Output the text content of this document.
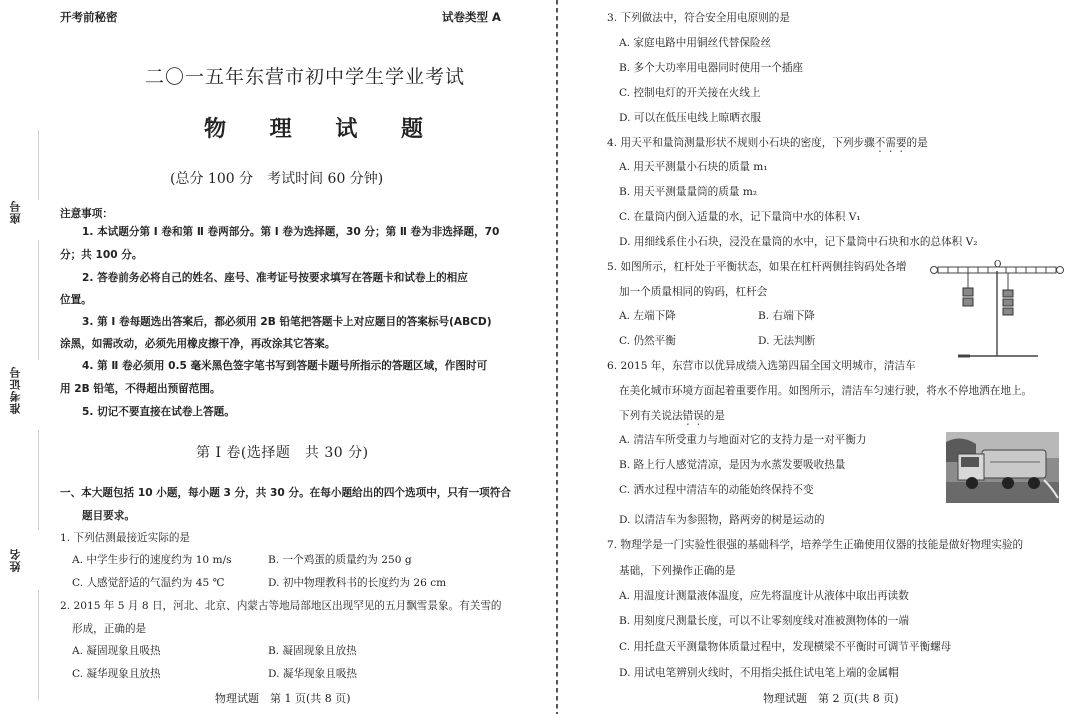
座号
准考证号
姓名
开考前秘密	试卷类型 A
二〇一五年东营市初中学生学业考试
物 理 试 题
(总分 100 分　考试时间 60 分钟)
注意事项：
1. 本试题分第 Ⅰ 卷和第 Ⅱ 卷两部分。第 Ⅰ 卷为选择题，30 分；第 Ⅱ 卷为非选择题，70
分；共 100 分。
2. 答卷前务必将自己的姓名、座号、准考证号按要求填写在答题卡和试卷上的相应
位置。
3. 第 Ⅰ 卷每题选出答案后，都必须用 2B 铅笔把答题卡上对应题目的答案标号(ABCD)
涂黑，如需改动，必须先用橡皮擦干净，再改涂其它答案。
4. 第 Ⅱ 卷必须用 0.5 毫米黑色签字笔书写到答题卡题号所指示的答题区域，作图时可
用 2B 铅笔，不得超出预留范围。
5. 切记不要直接在试卷上答题。
第 Ⅰ 卷(选择题　共 30 分)
一、本大题包括 10 小题，每小题 3 分，共 30 分。在每小题给出的四个选项中，只有一项符合
题目要求。
1. 下列估测最接近实际的是
A. 中学生步行的速度约为 10 m/s	B. 一个鸡蛋的质量约为 250 g
C. 人感觉舒适的气温约为 45 ℃	D. 初中物理教科书的长度约为 26 cm
2. 2015 年 5 月 8 日，河北、北京、内蒙古等地局部地区出现罕见的五月飘雪景象。有关雪的
形成，正确的是
A. 凝固现象且吸热	B. 凝固现象且放热
C. 凝华现象且放热	D. 凝华现象且吸热
物理试题　第 1 页(共 8 页)
3. 下列做法中，符合安全用电原则的是
A. 家庭电路中用铜丝代替保险丝
B. 多个大功率用电器同时使用一个插座
C. 控制电灯的开关接在火线上
D. 可以在低压电线上晾晒衣服
4. 用天平和量筒测量形状不规则小石块的密度，下列步骤不需要的是
A. 用天平测量小石块的质量 m₁
B. 用天平测量量筒的质量 m₂
C. 在量筒内倒入适量的水，记下量筒中水的体积 V₁
D. 用细线系住小石块，浸没在量筒的水中，记下量筒中石块和水的总体积 V₂
5. 如图所示，杠杆处于平衡状态，如果在杠杆两侧挂钩码处各增
加一个质量相同的钩码，杠杆会
A. 左端下降	B. 右端下降
C. 仍然平衡	D. 无法判断
O
6. 2015 年，东营市以优异成绩入选第四届全国文明城市，清洁车
在美化城市环境方面起着重要作用。如图所示，清洁车匀速行驶，将水不停地洒在地上。
下列有关说法错误的是
A. 清洁车所受重力与地面对它的支持力是一对平衡力
B. 路上行人感觉清凉，是因为水蒸发要吸收热量
C. 洒水过程中清洁车的动能始终保持不变
D. 以清洁车为参照物，路两旁的树是运动的
7. 物理学是一门实验性很强的基础科学，培养学生正确使用仪器的技能是做好物理实验的
基础，下列操作正确的是
A. 用温度计测量液体温度，应先将温度计从液体中取出再读数
B. 用刻度尺测量长度，可以不让零刻度线对准被测物体的一端
C. 用托盘天平测量物体质量过程中，发现横梁不平衡时可调节平衡螺母
D. 用试电笔辨别火线时，不用指尖抵住试电笔上端的金属帽
物理试题　第 2 页(共 8 页)
